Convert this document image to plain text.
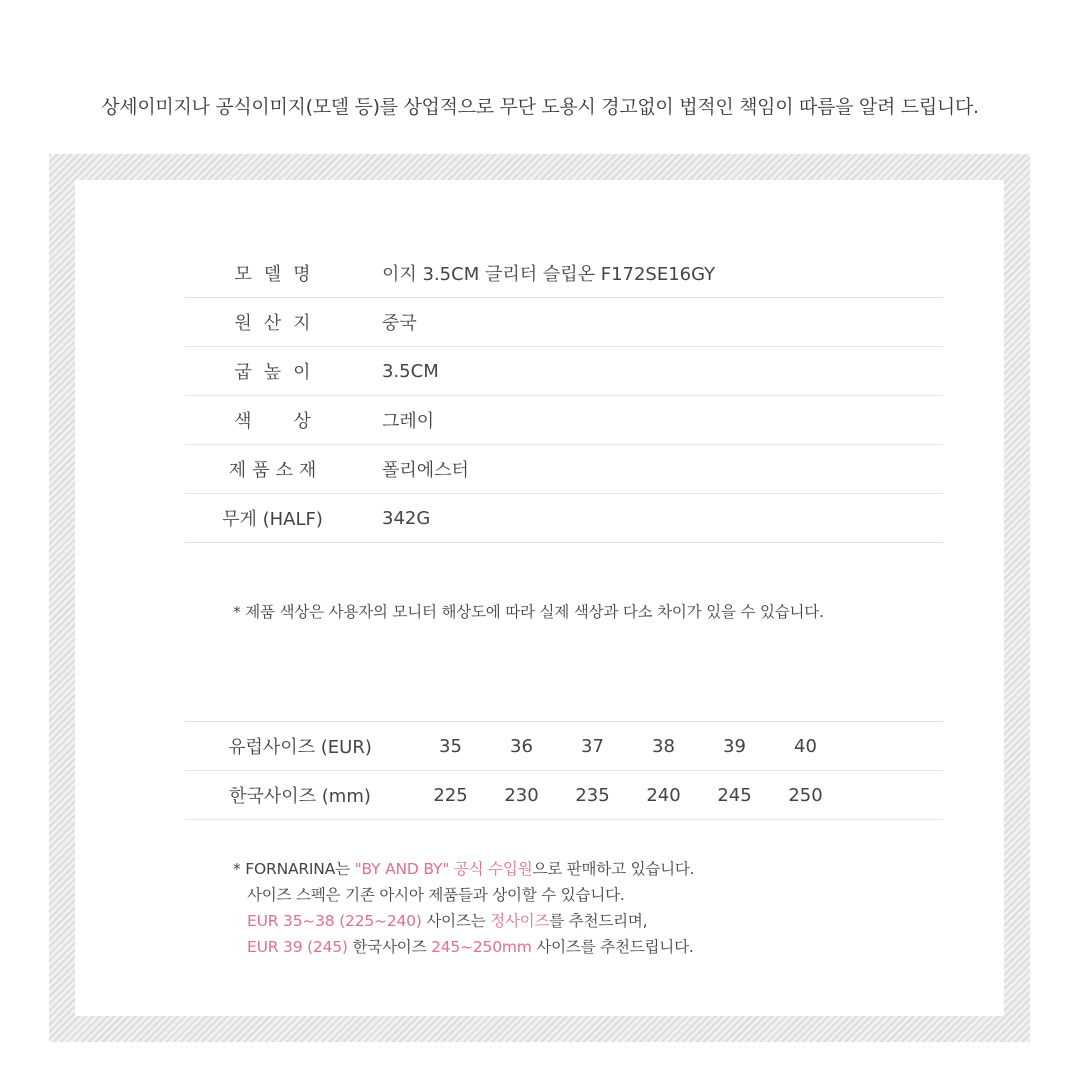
상세이미지나 공식이미지(모델 등)를 상업적으로 무단 도용시 경고없이 법적인 책임이 따름을 알려 드립니다.
모델명	이지 3.5CM 글리터 슬립온 F172SE16GY
원산지	중국
굽높이	3.5CM
색상	그레이
제품소재	폴리에스터
무게 (HALF)	342G
* 제품 색상은 사용자의 모니터 해상도에 따라 실제 색상과 다소 차이가 있을 수 있습니다.
유럽사이즈 (EUR)	35	36	37	38	39	40	
한국사이즈 (mm)	225	230	235	240	245	250	
* FORNARINA는 "BY AND BY" 공식 수입원으로 판매하고 있습니다.
사이즈 스펙은 기존 아시아 제품들과 상이할 수 있습니다.
EUR 35~38 (225~240) 사이즈는 정사이즈를 추천드리며,
EUR 39 (245) 한국사이즈 245~250mm 사이즈를 추천드립니다.
